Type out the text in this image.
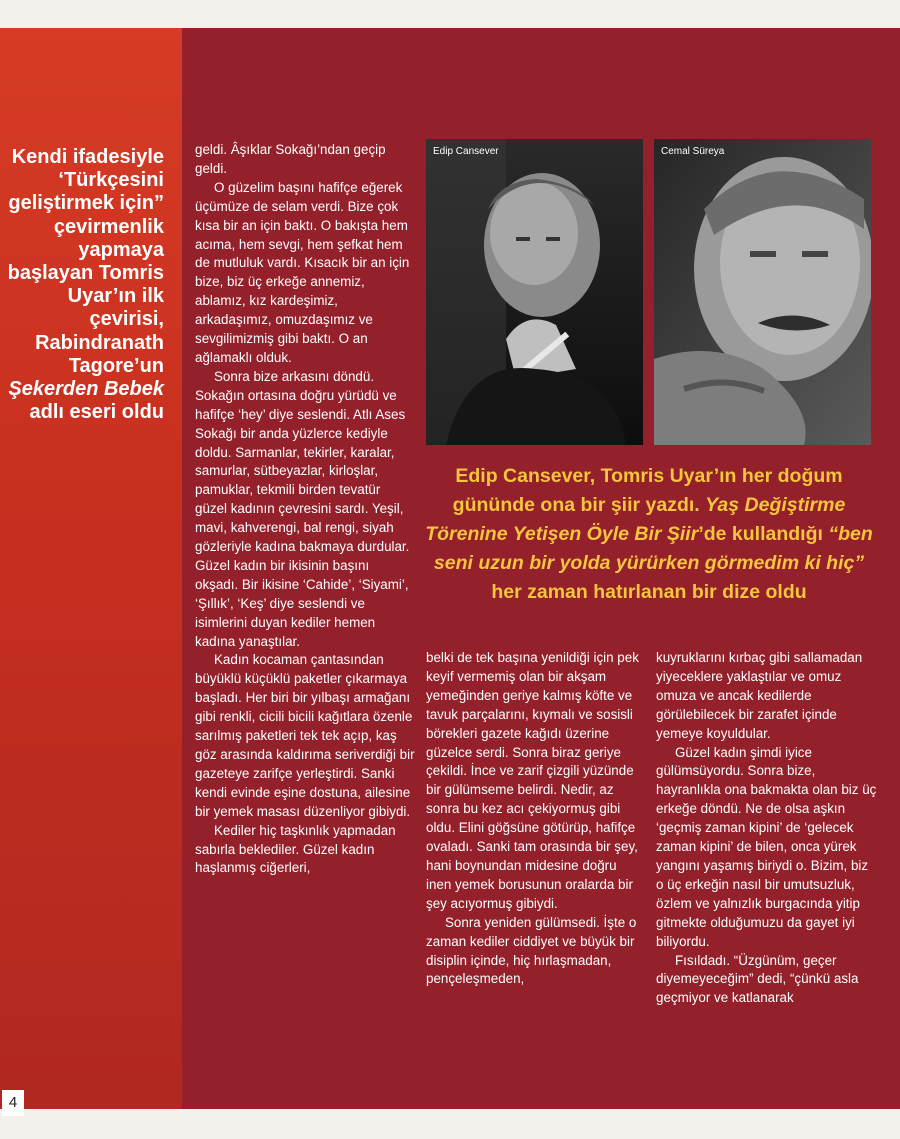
Kendi ifadesiyle ‘Türkçesini geliştirmek için” çevirmenlik yapmaya başlayan Tomris Uyar’ın ilk çevirisi, Rabindranath Tagore’un Şekerden Bebek adlı eseri oldu

geldi. Âşıklar Sokağı’ndan geçip geldi.

O güzelim başını hafifçe eğerek üçümüze de selam verdi. Bize çok kısa bir an için baktı. O bakışta hem acıma, hem sevgi, hem şefkat hem de mutluluk vardı. Kısacık bir an için bize, biz üç erkeğe annemiz, ablamız, kız kardeşimiz, arkadaşımız, omuzdaşımız ve sevgilimizmiş gibi baktı. O an ağlamaklı olduk.

Sonra bize arkasını döndü. Sokağın ortasına doğru yürüdü ve hafifçe ‘hey’ diye seslendi. Atlı Ases Sokağı bir anda yüzlerce kediyle doldu. Sarmanlar, tekirler, karalar, samurlar, sütbeyazlar, kirloşlar, pamuklar, tekmili birden tevatür güzel kadının çevresini sardı. Yeşil, mavi, kahverengi, bal rengi, siyah gözleriyle kadına bakmaya durdular. Güzel kadın bir ikisinin başını okşadı. Bir ikisine ‘Cahide’, ‘Siyami’, ‘Şıllık’, ‘Keş’ diye seslendi ve isimlerini duyan kediler hemen kadına yanaştılar.

Kadın kocaman çantasından büyüklü küçüklü paketler çıkarmaya başladı. Her biri bir yılbaşı armağanı gibi renkli, cicili bicili kağıtlara özenle sarılmış paketleri tek tek açıp, kaş göz arasında kaldırıma seriverdiği bir gazeteye zarifçe yerleştirdi. Sanki kendi evinde eşine dostuna, ailesine bir yemek masası düzenliyor gibiydi.

Kediler hiç taşkınlık yapmadan sabırla beklediler. Güzel kadın haşlanmış ciğerleri,

Edip Cansever	Cemal Süreya
Edip Cansever, Tomris Uyar’ın her doğum gününde ona bir şiir yazdı. Yaş Değiştirme Törenine Yetişen Öyle Bir Şiir’de kullandığı “ben seni uzun bir yolda yürürken görmedim ki hiç” her zaman hatırlanan bir dize oldu

belki de tek başına yenildiği için pek keyif vermemiş olan bir akşam yemeğinden geriye kalmış köfte ve tavuk parçalarını, kıymalı ve sosisli börekleri gazete kağıdı üzerine güzelce serdi. Sonra biraz geriye çekildi. İnce ve zarif çizgili yüzünde bir gülümseme belirdi. Nedir, az sonra bu kez acı çekiyormuş gibi oldu. Elini göğsüne götürüp, hafifçe ovaladı. Sanki tam orasında bir şey, hani boynundan midesine doğru inen yemek borusunun oralarda bir şey acıyormuş gibiydi.

Sonra yeniden gülümsedi. İşte o zaman kediler ciddiyet ve büyük bir disiplin içinde, hiç hırlaşmadan, pençeleşmeden,

kuyruklarını kırbaç gibi sallamadan yiyeceklere yaklaştılar ve omuz omuza ve ancak kedilerde görülebilecek bir zarafet içinde yemeye koyuldular.

Güzel kadın şimdi iyice gülümsüyordu. Sonra bize, hayranlıkla ona bakmakta olan biz üç erkeğe döndü. Ne de olsa aşkın ‘geçmiş zaman kipini’ de ‘gelecek zaman kipini’ de bilen, onca yürek yangını yaşamış biriydi o. Bizim, biz o üç erkeğin nasıl bir umutsuzluk, özlem ve yalnızlık burgacında yitip gitmekte olduğumuzu da gayet iyi biliyordu.

Fısıldadı. “Üzgünüm, geçer diyemeyeceğim” dedi, “çünkü asla geçmiyor ve katlanarak

4
